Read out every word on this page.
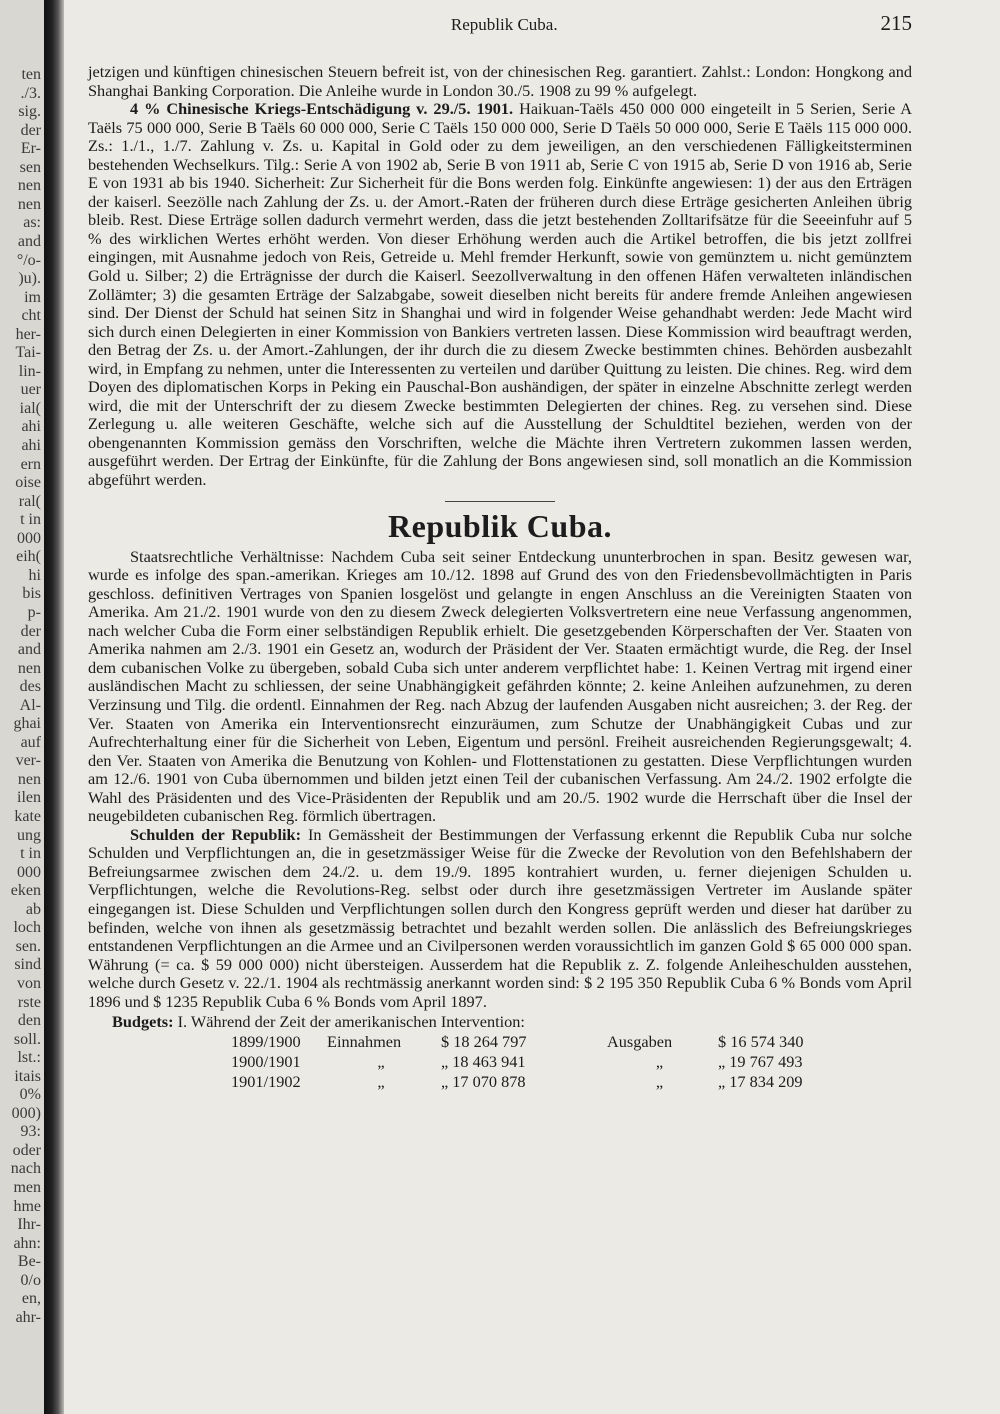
ten
./3.
sig.
der
Er-
sen
nen
nen
as:
and
°/o-
)u).
im
cht
her-
Tai-
lin-
uer
ial(
ahi
ahi
ern
oise
ral(
t in
000
eih(
hi
bis
p-
der
and
nen
des
Al-
ghai
auf
ver-
nen
ilen
kate
ung
t in
000
eken
ab
loch
sen.
sind
von
rste
den
soll.
lst.:
itais
0%
000)
93:
oder
nach
men
hme
Ihr-
ahn:
Be-
0/o
en,
ahr-
Republik Cuba.	215

jetzigen und künftigen chinesischen Steuern befreit ist, von der chinesischen Reg. garantiert. Zahlst.: London: Hongkong and Shanghai Banking Corporation. Die Anleihe wurde in London 30./5. 1908 zu 99 % aufgelegt.

4 % Chinesische Kriegs-Entschädigung v. 29./5. 1901. Haikuan-Taëls 450 000 000 eingeteilt in 5 Serien, Serie A Taëls 75 000 000, Serie B Taëls 60 000 000, Serie C Taëls 150 000 000, Serie D Taëls 50 000 000, Serie E Taëls 115 000 000. Zs.: 1./1., 1./7. Zahlung v. Zs. u. Kapital in Gold oder zu dem jeweiligen, an den verschiedenen Fälligkeitsterminen bestehenden Wechselkurs. Tilg.: Serie A von 1902 ab, Serie B von 1911 ab, Serie C von 1915 ab, Serie D von 1916 ab, Serie E von 1931 ab bis 1940. Sicherheit: Zur Sicherheit für die Bons werden folg. Einkünfte angewiesen: 1) der aus den Erträgen der kaiserl. Seezölle nach Zahlung der Zs. u. der Amort.-Raten der früheren durch diese Erträge gesicherten Anleihen übrig bleib. Rest. Diese Erträge sollen dadurch vermehrt werden, dass die jetzt bestehenden Zolltarifsätze für die Seeeinfuhr auf 5 % des wirklichen Wertes erhöht werden. Von dieser Erhöhung werden auch die Artikel betroffen, die bis jetzt zollfrei eingingen, mit Ausnahme jedoch von Reis, Getreide u. Mehl fremder Herkunft, sowie von gemünztem u. nicht gemünztem Gold u. Silber; 2) die Erträgnisse der durch die Kaiserl. Seezollverwaltung in den offenen Häfen verwalteten inländischen Zollämter; 3) die gesamten Erträge der Salzabgabe, soweit dieselben nicht bereits für andere fremde Anleihen angewiesen sind. Der Dienst der Schuld hat seinen Sitz in Shanghai und wird in folgender Weise gehandhabt werden: Jede Macht wird sich durch einen Delegierten in einer Kommission von Bankiers vertreten lassen. Diese Kommission wird beauftragt werden, den Betrag der Zs. u. der Amort.-Zahlungen, der ihr durch die zu diesem Zwecke bestimmten chines. Behörden ausbezahlt wird, in Empfang zu nehmen, unter die Interessenten zu verteilen und darüber Quittung zu leisten. Die chines. Reg. wird dem Doyen des diplomatischen Korps in Peking ein Pauschal-Bon aushändigen, der später in einzelne Abschnitte zerlegt werden wird, die mit der Unterschrift der zu diesem Zwecke bestimmten Delegierten der chines. Reg. zu versehen sind. Diese Zerlegung u. alle weiteren Geschäfte, welche sich auf die Ausstellung der Schuldtitel beziehen, werden von der obengenannten Kommission gemäss den Vorschriften, welche die Mächte ihren Vertretern zukommen lassen werden, ausgeführt werden. Der Ertrag der Einkünfte, für die Zahlung der Bons angewiesen sind, soll monatlich an die Kommission abgeführt werden.

Republik Cuba.

Staatsrechtliche Verhältnisse: Nachdem Cuba seit seiner Entdeckung ununterbrochen in span. Besitz gewesen war, wurde es infolge des span.-amerikan. Krieges am 10./12. 1898 auf Grund des von den Friedensbevollmächtigten in Paris geschloss. definitiven Vertrages von Spanien losgelöst und gelangte in engen Anschluss an die Vereinigten Staaten von Amerika. Am 21./2. 1901 wurde von den zu diesem Zweck delegierten Volksvertretern eine neue Verfassung angenommen, nach welcher Cuba die Form einer selbständigen Republik erhielt. Die gesetzgebenden Körperschaften der Ver. Staaten von Amerika nahmen am 2./3. 1901 ein Gesetz an, wodurch der Präsident der Ver. Staaten ermächtigt wurde, die Reg. der Insel dem cubanischen Volke zu übergeben, sobald Cuba sich unter anderem verpflichtet habe: 1. Keinen Vertrag mit irgend einer ausländischen Macht zu schliessen, der seine Unabhängigkeit gefährden könnte; 2. keine Anleihen aufzunehmen, zu deren Verzinsung und Tilg. die ordentl. Einnahmen der Reg. nach Abzug der laufenden Ausgaben nicht ausreichen; 3. der Reg. der Ver. Staaten von Amerika ein Interventionsrecht einzuräumen, zum Schutze der Unabhängigkeit Cubas und zur Aufrechterhaltung einer für die Sicherheit von Leben, Eigentum und persönl. Freiheit ausreichenden Regierungsgewalt; 4. den Ver. Staaten von Amerika die Benutzung von Kohlen- und Flottenstationen zu gestatten. Diese Verpflichtungen wurden am 12./6. 1901 von Cuba übernommen und bilden jetzt einen Teil der cubanischen Verfassung. Am 24./2. 1902 erfolgte die Wahl des Präsidenten und des Vice-Präsidenten der Republik und am 20./5. 1902 wurde die Herrschaft über die Insel der neugebildeten cubanischen Reg. förmlich übertragen.

Schulden der Republik: In Gemässheit der Bestimmungen der Verfassung erkennt die Republik Cuba nur solche Schulden und Verpflichtungen an, die in gesetzmässiger Weise für die Zwecke der Revolution von den Befehlshabern der Befreiungsarmee zwischen dem 24./2. u. dem 19./9. 1895 kontrahiert wurden, u. ferner diejenigen Schulden u. Verpflichtungen, welche die Revolutions-Reg. selbst oder durch ihre gesetzmässigen Vertreter im Auslande später eingegangen ist. Diese Schulden und Verpflichtungen sollen durch den Kongress geprüft werden und dieser hat darüber zu befinden, welche von ihnen als gesetzmässig betrachtet und bezahlt werden sollen. Die anlässlich des Befreiungskrieges entstandenen Verpflichtungen an die Armee und an Civilpersonen werden voraussichtlich im ganzen Gold $ 65 000 000 span. Währung (= ca. $ 59 000 000) nicht übersteigen. Ausserdem hat die Republik z. Z. folgende Anleiheschulden ausstehen, welche durch Gesetz v. 22./1. 1904 als rechtmässig anerkannt worden sind: $ 2 195 350 Republik Cuba 6 % Bonds vom April 1896 und $ 1235 Republik Cuba 6 % Bonds vom April 1897.

Budgets: I. Während der Zeit der amerikanischen Intervention:

1899/1900	Einnahmen	$ 18 264 797	Ausgaben	$ 16 574 340
1900/1901	„	„ 18 463 941	„	„ 19 767 493
1901/1902	„	„ 17 070 878	„	„ 17 834 209
